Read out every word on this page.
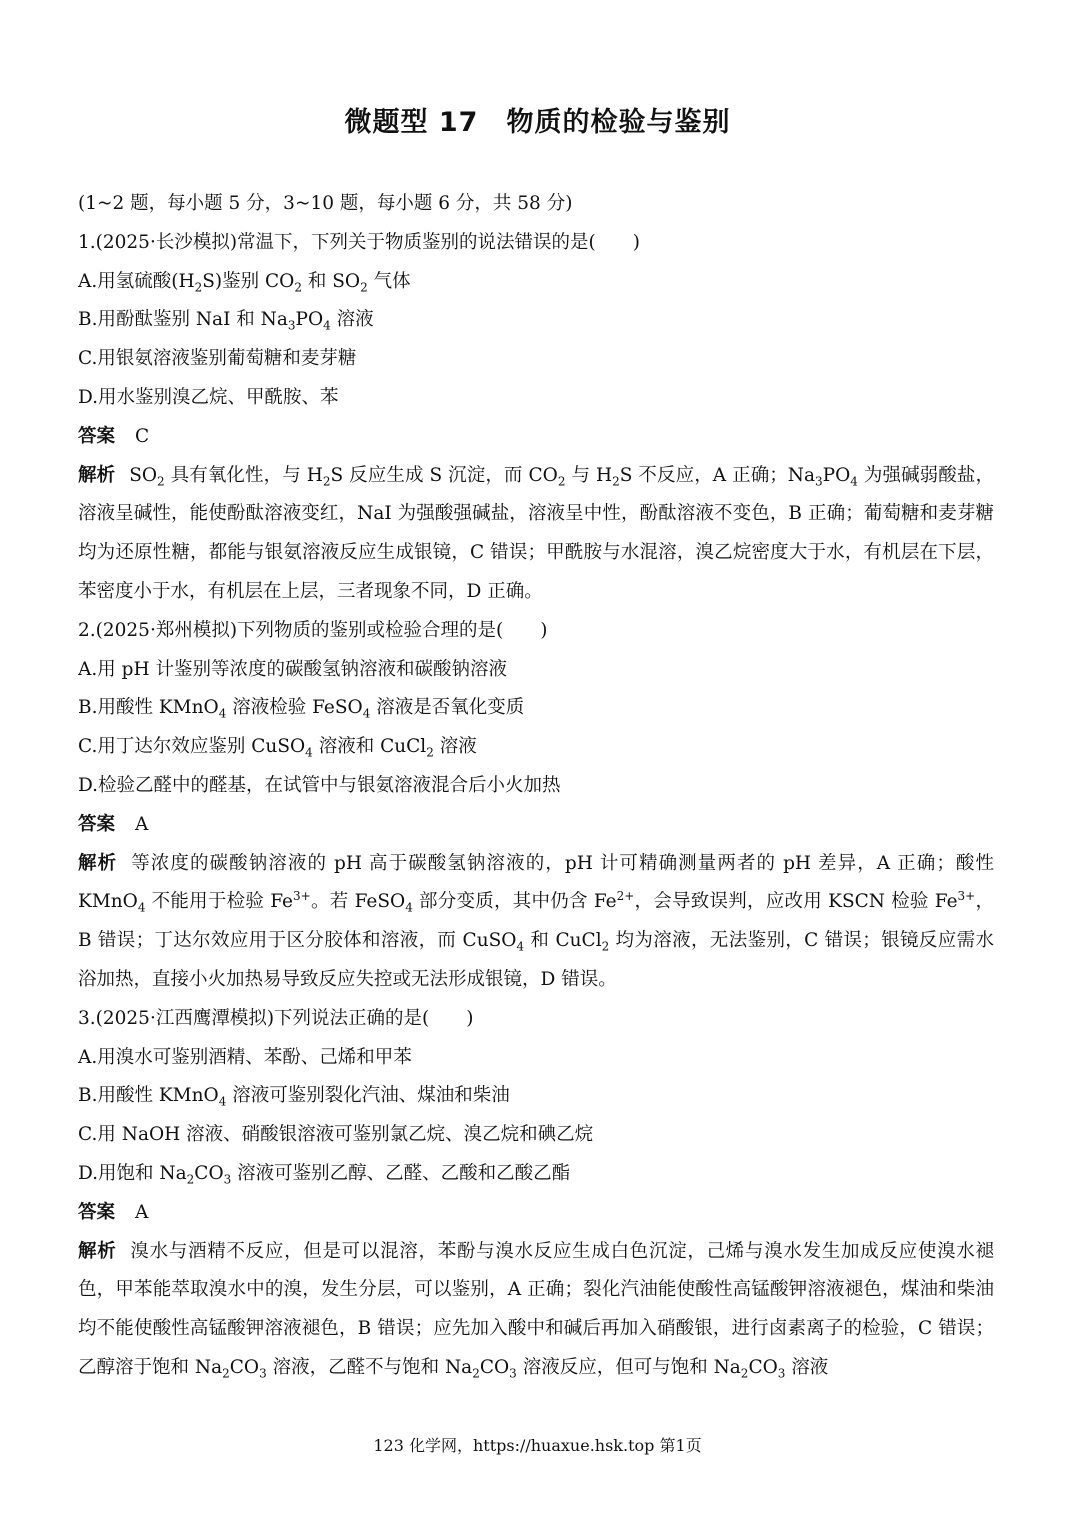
微题型 17　物质的检验与鉴别
(1~2 题，每小题 5 分，3~10 题，每小题 6 分，共 58 分)
1.(2025·长沙模拟)常温下，下列关于物质鉴别的说法错误的是(　　)
A.用氢硫酸$(H_2S)$鉴别 $CO_2$ 和 $SO_2$ 气体
B.用酚酞鉴别 NaI 和 $Na_3PO_4$ 溶液
C.用银氨溶液鉴别葡萄糖和麦芽糖
D.用水鉴别溴乙烷、甲酰胺、苯
答案 C
解析 $SO_2$ 具有氧化性，与 $H_2S$ 反应生成 S 沉淀，而 $CO_2$ 与 $H_2S$ 不反应，A 正确；$Na_3PO_4$ 为强碱弱酸盐，溶液呈碱性，能使酚酞溶液变红，NaI 为强酸强碱盐，溶液呈中性，酚酞溶液不变色，B 正确；葡萄糖和麦芽糖均为还原性糖，都能与银氨溶液反应生成银镜，C 错误；甲酰胺与水混溶，溴乙烷密度大于水，有机层在下层，苯密度小于水，有机层在上层，三者现象不同，D 正确。
2.(2025·郑州模拟)下列物质的鉴别或检验合理的是(　　)
A.用 pH 计鉴别等浓度的碳酸氢钠溶液和碳酸钠溶液
B.用酸性 KMnO$_4$ 溶液检验 FeSO$_4$ 溶液是否氧化变质
C.用丁达尔效应鉴别 CuSO$_4$ 溶液和 CuCl$_2$ 溶液
D.检验乙醛中的醛基，在试管中与银氨溶液混合后小火加热
答案 A
解析 等浓度的碳酸钠溶液的 pH 高于碳酸氢钠溶液的，pH 计可精确测量两者的 pH 差异，A 正确；酸性 KMnO$_4$ 不能用于检验 $Fe^{3+}$。若 FeSO$_4$ 部分变质，其中仍含 $Fe^{2+}$，会导致误判，应改用 KSCN 检验 $Fe^{3+}$，B 错误；丁达尔效应用于区分胶体和溶液，而 CuSO$_4$ 和 CuCl$_2$ 均为溶液，无法鉴别，C 错误；银镜反应需水浴加热，直接小火加热易导致反应失控或无法形成银镜，D 错误。
3.(2025·江西鹰潭模拟)下列说法正确的是(　　)
A.用溴水可鉴别酒精、苯酚、己烯和甲苯
B.用酸性 KMnO$_4$ 溶液可鉴别裂化汽油、煤油和柴油
C.用 NaOH 溶液、硝酸银溶液可鉴别氯乙烷、溴乙烷和碘乙烷
D.用饱和 $Na_2CO_3$ 溶液可鉴别乙醇、乙醛、乙酸和乙酸乙酯
答案 A
解析 溴水与酒精不反应，但是可以混溶，苯酚与溴水反应生成白色沉淀，己烯与溴水发生加成反应使溴水褪色，甲苯能萃取溴水中的溴，发生分层，可以鉴别，A 正确；裂化汽油能使酸性高锰酸钾溶液褪色，煤油和柴油均不能使酸性高锰酸钾溶液褪色，B 错误；应先加入酸中和碱后再加入硝酸银，进行卤素离子的检验，C 错误；乙醇溶于饱和 $Na_2CO_3$ 溶液，乙醛不与饱和 $Na_2CO_3$ 溶液反应，但可与饱和 $Na_2CO_3$ 溶液
123 化学网，https://huaxue.hsk.top 第1页
